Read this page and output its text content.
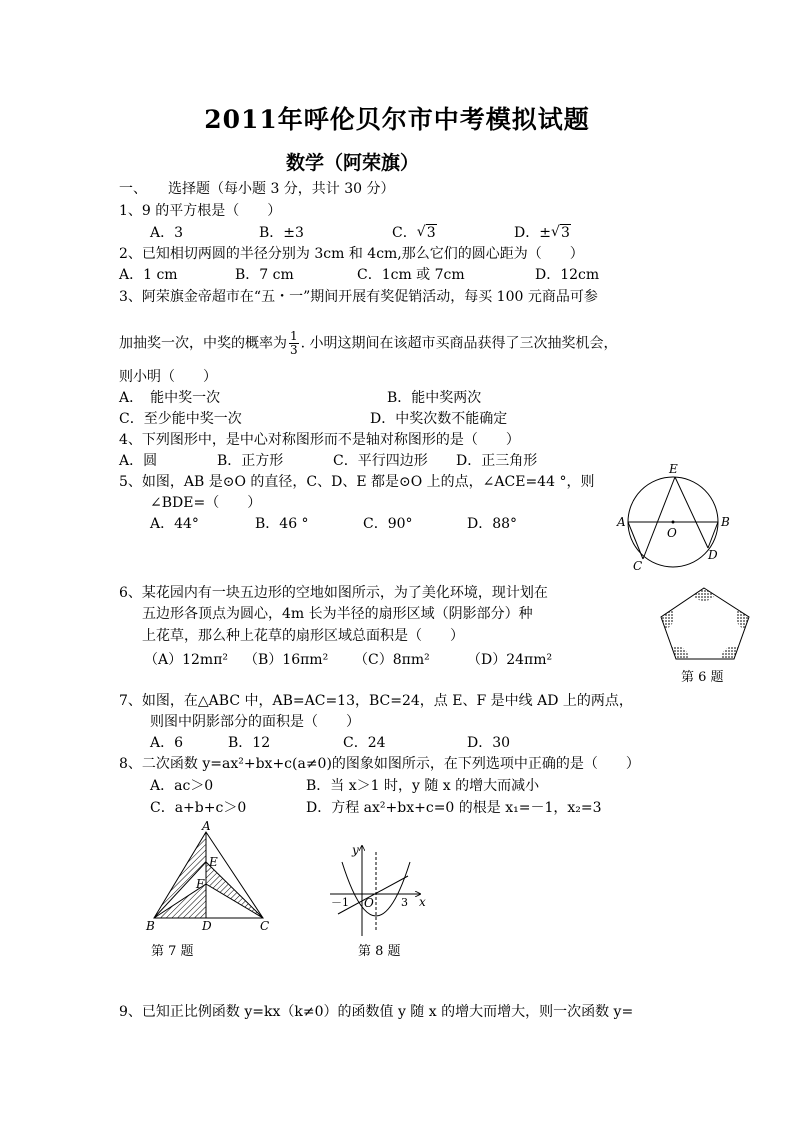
2011年呼伦贝尔市中考模拟试题
数学（阿荣旗）
一、 选择题（每小题 3 分，共计 30 分）
1、9 的平方根是（　　）
A．3	B．±3	C． √ 3	D．± √ 3
2、已知相切两圆的半径分别为 3cm 和 4cm,那么它们的圆心距为（　　）
A．1 cm	B．7 cm	C．1cm 或 7cm	D．12cm
3、阿荣旗金帝超市在“五・一”期间开展有奖促销活动，每买 100 元商品可参
加抽奖一次，中奖的概率为 $\frac{1}{3}$ . 小明这期间在该超市买商品获得了三次抽奖机会，
则小明（　　）
A．　能中奖一次	B．能中奖两次
C．至少能中奖一次	D．中奖次数不能确定
4、下列图形中，是中心对称图形而不是轴对称图形的是（　　）
A．圆	B．正方形	C．平行四边形 D．正三角形
5、如图，AB 是⊙O 的直径，C、D、E 都是⊙O 上的点，∠ACE=44 °，则
∠BDE=（　　）
A．44°	B．46 °	C．90°	D．88°
E
A	B
O
C
D
6、某花园内有一块五边形的空地如图所示，为了美化环境，现计划在
五边形各顶点为圆心，4m 长为半径的扇形区域（阴影部分）种
上花草，那么种上花草的扇形区域总面积是（　　）
（A）12mπ² （B）16πm² （C）8πm²	（D）24πm²
第 6 题
7、如图，在△ABC 中，AB=AC=13，BC=24，点 E、F 是中线 AD 上的两点，
则图中阴影部分的面积是（　　）
A．6	B．12	C．24	D．30
8、二次函数 y=ax²+bx+c(a≠0)的图象如图所示，在下列选项中正确的是（　　）
A．ac＞0	B．当 x＞1 时，y 随 x 的增大而减小
C．a+b+c＞0	D．方程 ax²+bx+c=0 的根是 x₁=－1，x₂=3
A
E
F
B	D	C
第 7 题
y
x
O
－1	3
第 8 题
9、已知正比例函数 y=kx（k≠0）的函数值 y 随 x 的增大而增大，则一次函数 y=
